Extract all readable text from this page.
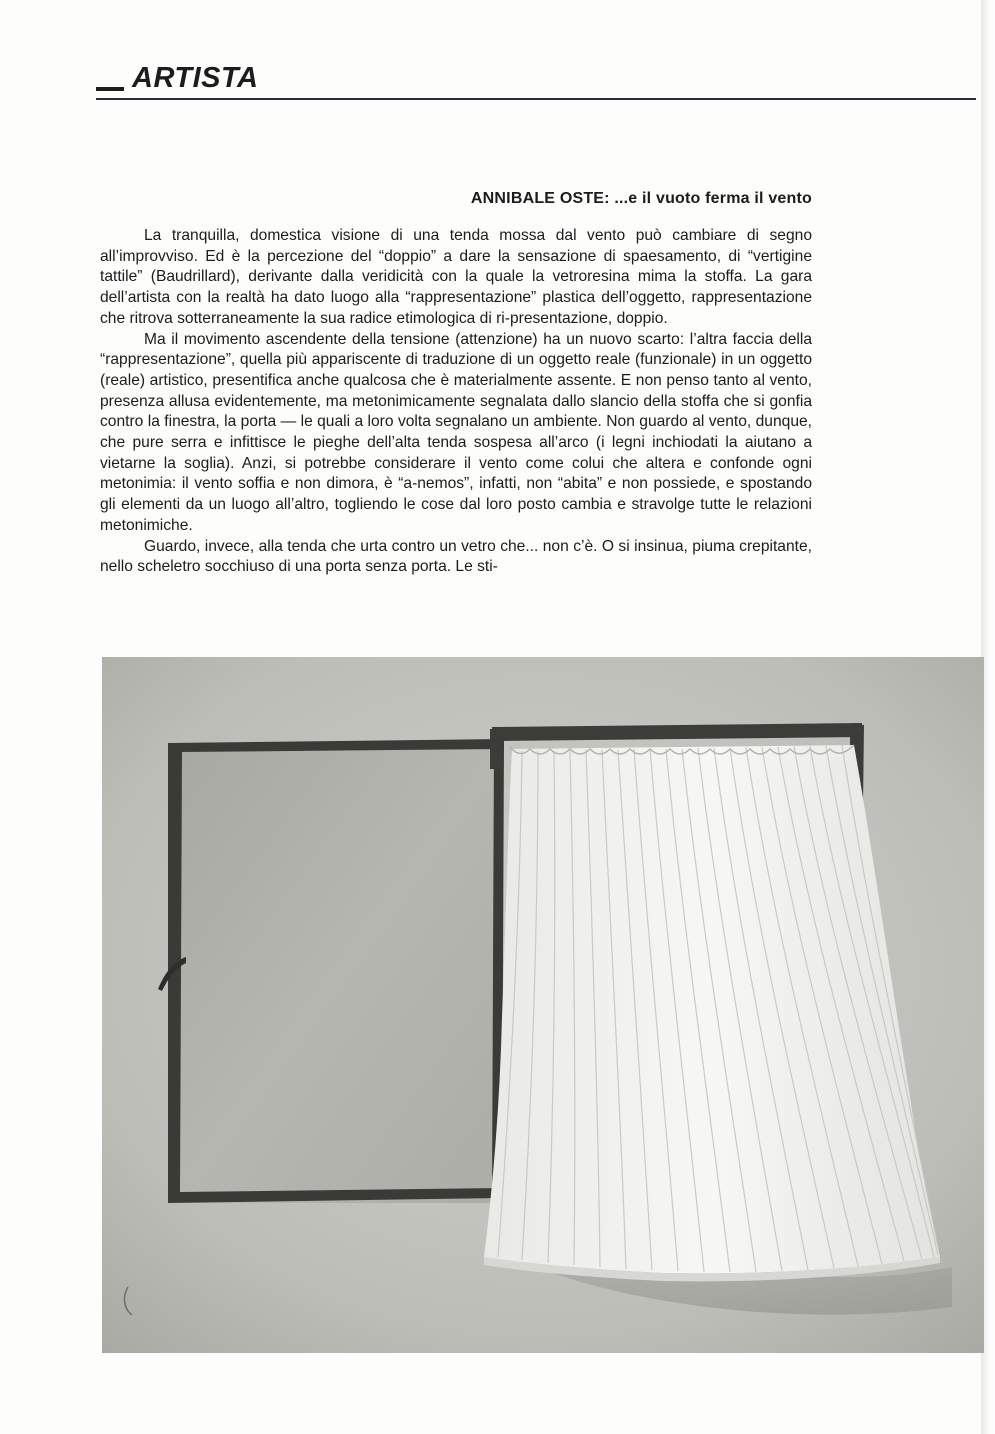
ARTISTA
ANNIBALE OSTE: ...e il vuoto ferma il vento

La tranquilla, domestica visione di una tenda mossa dal vento può cambiare di segno all’improvviso. Ed è la percezione del “doppio” a dare la sensazione di spaesamento, di “vertigine tattile” (Baudrillard), derivante dalla veridicità con la quale la vetroresina mima la stoffa. La gara dell’artista con la realtà ha dato luogo alla “rappresentazione” plastica dell’oggetto, rappresentazione che ritrova sotterraneamente la sua radice etimologica di ri-presentazione, doppio.

Ma il movimento ascendente della tensione (attenzione) ha un nuovo scarto: l’altra faccia della “rappresentazione”, quella più appariscente di traduzione di un oggetto reale (funzionale) in un oggetto (reale) artistico, presentifica anche qualcosa che è materialmente assente. E non penso tanto al vento, presenza allusa evidentemente, ma metonimicamente segnalata dallo slancio della stoffa che si gonfia contro la finestra, la porta — le quali a loro volta segnalano un ambiente. Non guardo al vento, dunque, che pure serra e infittisce le pieghe dell’alta tenda sospesa all’arco (i legni inchiodati la aiutano a vietarne la soglia). Anzi, si potrebbe considerare il vento come colui che altera e confonde ogni metonimia: il vento soffia e non dimora, è “a-nemos”, infatti, non “abita” e non possiede, e spostando gli elementi da un luogo all’altro, togliendo le cose dal loro posto cambia e stravolge tutte le relazioni metonimiche.

Guardo, invece, alla tenda che urta contro un vetro che... non c’è. O si insinua, piuma crepitante, nello scheletro socchiuso di una porta senza porta. Le sti-
